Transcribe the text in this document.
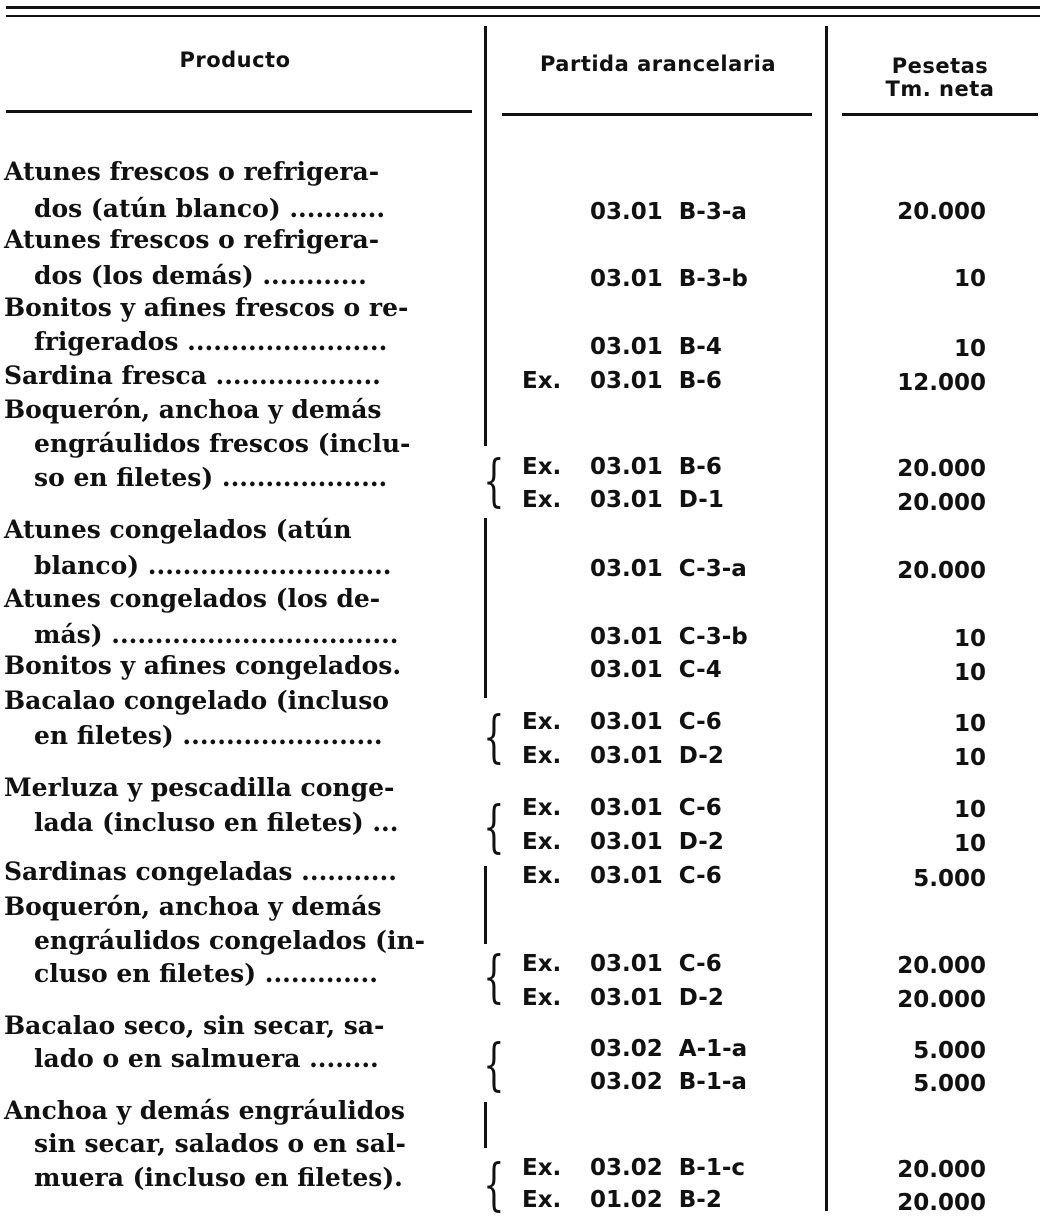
Producto	Partida arancelaria	Pesetas
Tm. neta
Atunes frescos o refrigera-
dos (atún blanco) ...........	03.01  B-3-a	20.000
Atunes frescos o refrigera-
dos (los demás) ............	03.01  B-3-b	10
Bonitos y afines frescos o re-
frigerados .......................	03.01  B-4	10
Sardina fresca ...................	Ex. 03.01  B-6	12.000
Boquerón, anchoa y demás
engráulidos frescos (inclu-
so en filetes) ................... { Ex. 03.01  B-6	20.000
Ex. 03.01  D-1	20.000
Atunes congelados (atún
blanco) ............................	03.01  C-3-a	20.000
Atunes congelados (los de-
más) .................................	03.01  C-3-b	10
Bonitos y afines congelados.	03.01  C-4	10
Bacalao congelado (incluso
en filetes) ....................... { Ex. 03.01  C-6	10
Ex. 03.01  D-2	10
Merluza y pescadilla conge-
lada (incluso en filetes) ... { Ex. 03.01  C-6	10
Ex. 03.01  D-2	10
Sardinas congeladas ...........	Ex. 03.01  C-6	5.000
Boquerón, anchoa y demás
engráulidos congelados (in-
cluso en filetes) ............. { Ex. 03.01  C-6	20.000
Ex. 03.01  D-2	20.000
Bacalao seco, sin secar, sa-
lado o en salmuera ........ {	03.02  A-1-a	5.000
03.02  B-1-a	5.000
Anchoa y demás engráulidos
sin secar, salados o en sal-
muera (incluso en filetes). { Ex. 03.02  B-1-c	20.000
Ex. 01.02  B-2	20.000
